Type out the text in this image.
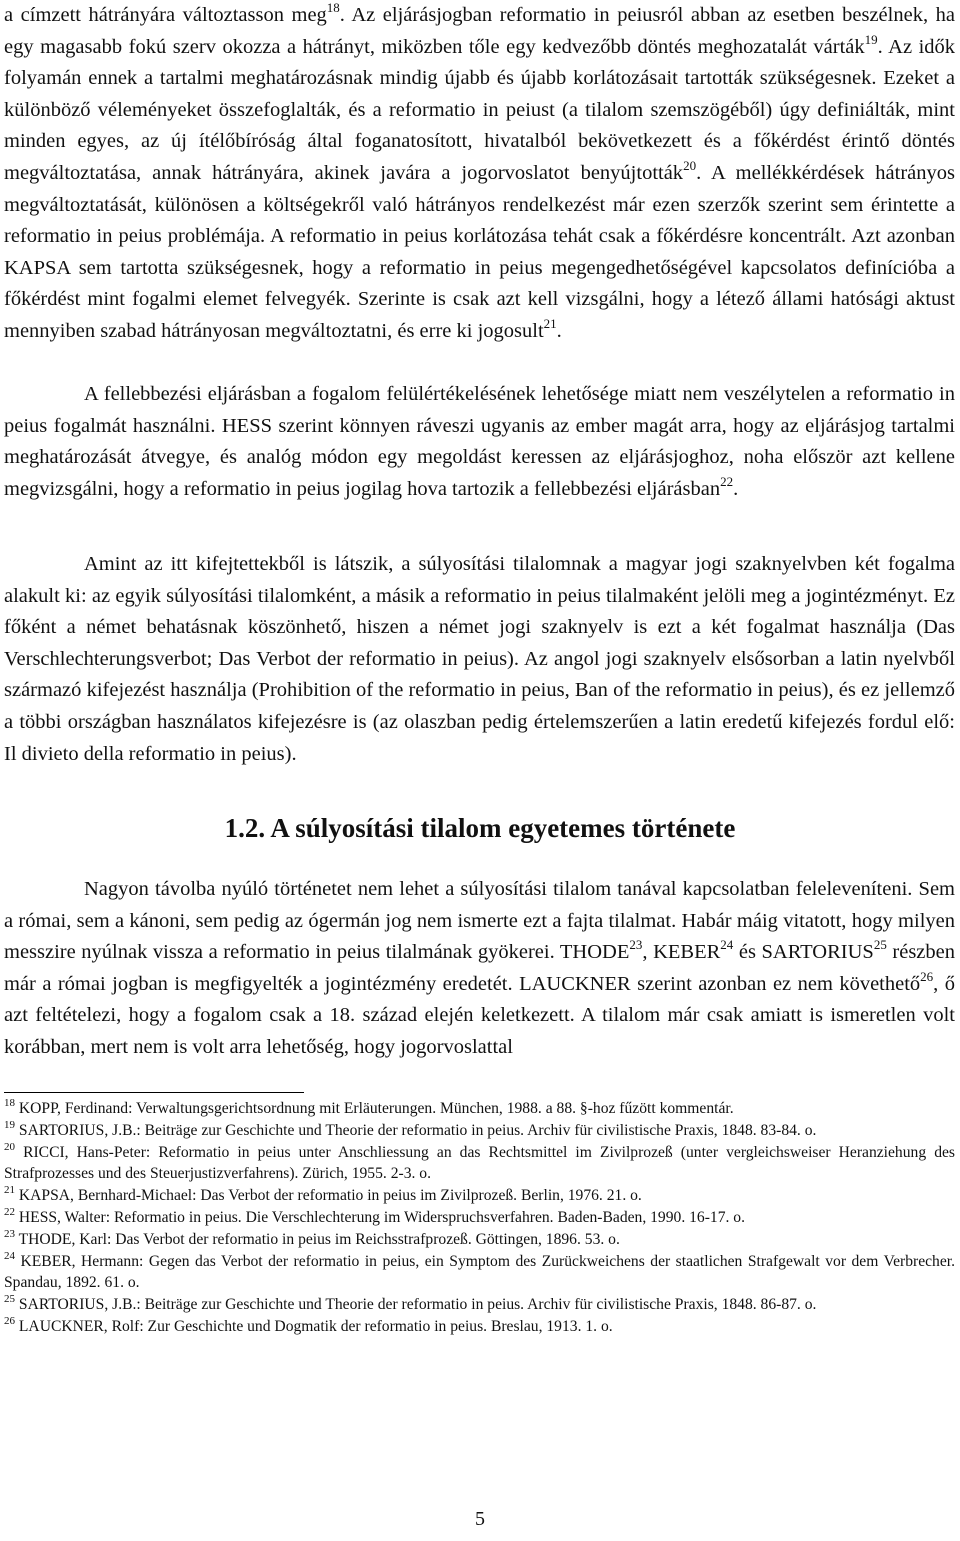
a címzett hátrányára változtasson meg$^{18}$. Az eljárásjogban reformatio in peiusról abban az esetben beszélnek, ha egy magasabb fokú szerv okozza a hátrányt, miközben tőle egy kedvezőbb döntés meghozatalát várták$^{19}$. Az idők folyamán ennek a tartalmi meghatározásnak mindig újabb és újabb korlátozásait tartották szükségesnek. Ezeket a különböző véleményeket összefoglalták, és a reformatio in peiust (a tilalom szemszögéből) úgy definiálták, mint minden egyes, az új ítélőbíróság által foganatosított, hivatalból bekövetkezett és a főkérdést érintő döntés megváltoztatása, annak hátrányára, akinek javára a jogorvoslatot benyújtották$^{20}$. A mellékkérdések hátrányos megváltoztatását, különösen a költségekről való hátrányos rendelkezést már ezen szerzők szerint sem érintette a reformatio in peius problémája. A reformatio in peius korlátozása tehát csak a főkérdésre koncentrált. Azt azonban KAPSA sem tartotta szükségesnek, hogy a reformatio in peius megengedhetőségével kapcsolatos definícióba a főkérdést mint fogalmi elemet felvegyék. Szerinte is csak azt kell vizsgálni, hogy a létező állami hatósági aktust mennyiben szabad hátrányosan megváltoztatni, és erre ki jogosult$^{21}$.

A fellebbezési eljárásban a fogalom felülértékelésének lehetősége miatt nem veszélytelen a reformatio in peius fogalmát használni. HESS szerint könnyen ráveszi ugyanis az ember magát arra, hogy az eljárásjog tartalmi meghatározását átvegye, és analóg módon egy megoldást keressen az eljárásjoghoz, noha először azt kellene megvizsgálni, hogy a reformatio in peius jogilag hova tartozik a fellebbezési eljárásban$^{22}$.

Amint az itt kifejtettekből is látszik, a súlyosítási tilalomnak a magyar jogi szaknyelvben két fogalma alakult ki: az egyik súlyosítási tilalomként, a másik a reformatio in peius tilalmaként jelöli meg a jogintézményt. Ez főként a német behatásnak köszönhető, hiszen a német jogi szaknyelv is ezt a két fogalmat használja (Das Verschlechterungsverbot; Das Verbot der reformatio in peius). Az angol jogi szaknyelv elsősorban a latin nyelvből származó kifejezést használja (Prohibition of the reformatio in peius, Ban of the reformatio in peius), és ez jellemző a többi országban használatos kifejezésre is (az olaszban pedig értelemszerűen a latin eredetű kifejezés fordul elő: Il divieto della reformatio in peius).

1.2. A súlyosítási tilalom egyetemes története

Nagyon távolba nyúló történetet nem lehet a súlyosítási tilalom tanával kapcsolatban feleleveníteni. Sem a római, sem a kánoni, sem pedig az ógermán jog nem ismerte ezt a fajta tilalmat. Habár máig vitatott, hogy milyen messzire nyúlnak vissza a reformatio in peius tilalmának gyökerei. THODE$^{23}$, KEBER$^{24}$ és SARTORIUS$^{25}$ részben már a római jogban is megfigyelték a jogintézmény eredetét. LAUCKNER szerint azonban ez nem követhető$^{26}$, ő azt feltételezi, hogy a fogalom csak a 18. század elején keletkezett. A tilalom már csak amiatt is ismeretlen volt korábban, mert nem is volt arra lehetőség, hogy jogorvoslattal

$^{18}$ KOPP, Ferdinand: Verwaltungsgerichtsordnung mit Erläuterungen. München, 1988. a 88. §-hoz fűzött kommentár.

$^{19}$ SARTORIUS, J.B.: Beiträge zur Geschichte und Theorie der reformatio in peius. Archiv für civilistische Praxis, 1848. 83-84. o.

$^{20}$ RICCI, Hans-Peter: Reformatio in peius unter Anschliessung an das Rechtsmittel im Zivilprozeß (unter vergleichsweiser Heranziehung des Strafprozesses und des Steuerjustizverfahrens). Zürich, 1955. 2-3. o.

$^{21}$ KAPSA, Bernhard-Michael: Das Verbot der reformatio in peius im Zivilprozeß. Berlin, 1976. 21. o.

$^{22}$ HESS, Walter: Reformatio in peius. Die Verschlechterung im Widerspruchsverfahren. Baden-Baden, 1990. 16-17. o.

$^{23}$ THODE, Karl: Das Verbot der reformatio in peius im Reichsstrafprozeß. Göttingen, 1896. 53. o.

$^{24}$ KEBER, Hermann: Gegen das Verbot der reformatio in peius, ein Symptom des Zurückweichens der staatlichen Strafgewalt vor dem Verbrecher. Spandau, 1892. 61. o.

$^{25}$ SARTORIUS, J.B.: Beiträge zur Geschichte und Theorie der reformatio in peius. Archiv für civilistische Praxis, 1848. 86-87. o.

$^{26}$ LAUCKNER, Rolf: Zur Geschichte und Dogmatik der reformatio in peius. Breslau, 1913. 1. o.

5
